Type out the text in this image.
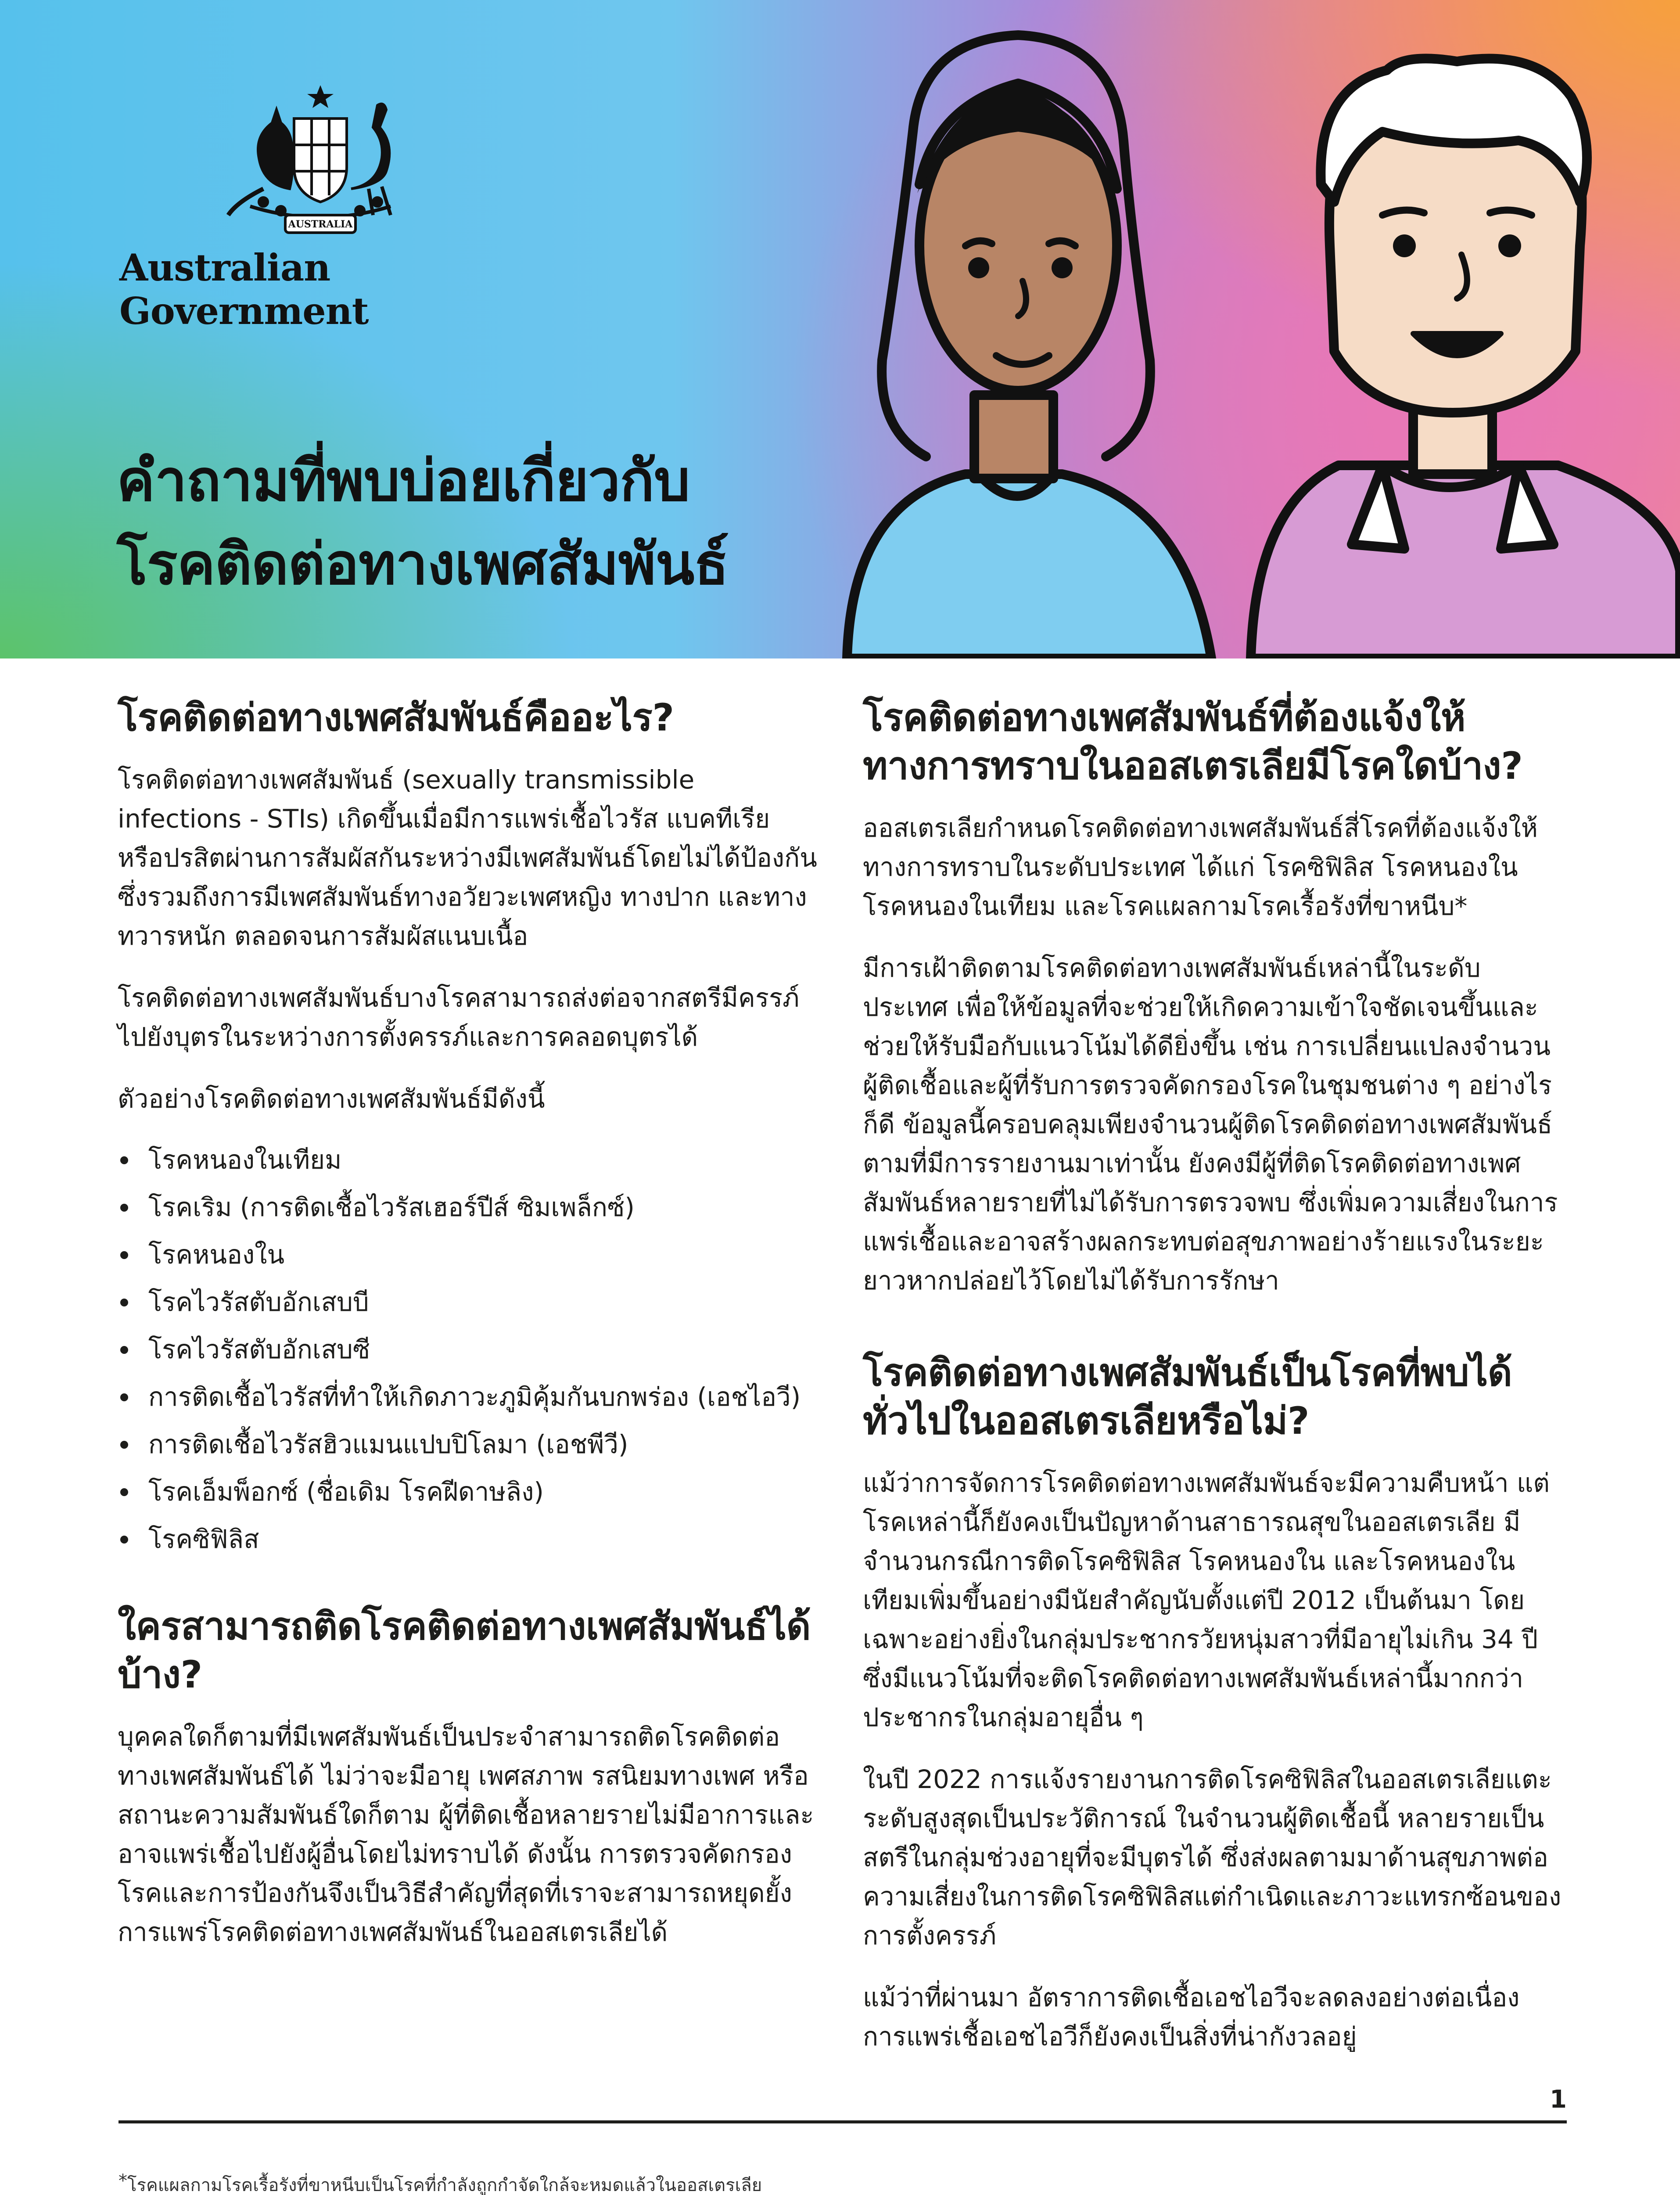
AUSTRALIA
Australian Government
คำถามที่พบบ่อยเกี่ยวกับ
โรคติดต่อทางเพศสัมพันธ์
โรคติดต่อทางเพศสัมพันธ์คืออะไร?

โรคติดต่อทางเพศสัมพันธ์ (sexually transmissible infections - STIs) เกิดขึ้นเมื่อมีการแพร่เชื้อไวรัส แบคทีเรีย หรือปรสิตผ่านการสัมผัสกันระหว่างมีเพศสัมพันธ์โดยไม่ได้ป้องกัน ซึ่งรวมถึงการมีเพศสัมพันธ์ทางอวัยวะเพศหญิง ทางปาก และทางทวารหนัก ตลอดจนการสัมผัสแนบเนื้อ

โรคติดต่อทางเพศสัมพันธ์บางโรคสามารถส่งต่อจากสตรีมีครรภ์ไปยังบุตรในระหว่างการตั้งครรภ์และการคลอดบุตรได้

ตัวอย่างโรคติดต่อทางเพศสัมพันธ์มีดังนี้

โรคหนองในเทียม
โรคเริม (การติดเชื้อไวรัสเฮอร์ปีส์ ซิมเพล็กซ์)
โรคหนองใน
โรคไวรัสตับอักเสบบี
โรคไวรัสตับอักเสบซี
การติดเชื้อไวรัสที่ทำให้เกิดภาวะภูมิคุ้มกันบกพร่อง (เอชไอวี)
การติดเชื้อไวรัสฮิวแมนแปบปิโลมา (เอชพีวี)
โรคเอ็มพ็อกซ์ (ชื่อเดิม โรคฝีดาษลิง)
โรคซิฟิลิส
ใครสามารถติดโรคติดต่อทางเพศสัมพันธ์ได้บ้าง?

บุคคลใดก็ตามที่มีเพศสัมพันธ์เป็นประจำสามารถติดโรคติดต่อทางเพศสัมพันธ์ได้ ไม่ว่าจะมีอายุ เพศสภาพ รสนิยมทางเพศ หรือสถานะความสัมพันธ์ใดก็ตาม ผู้ที่ติดเชื้อหลายรายไม่มีอาการและอาจแพร่เชื้อไปยังผู้อื่นโดยไม่ทราบได้ ดังนั้น การตรวจคัดกรองโรคและการป้องกันจึงเป็นวิธีสำคัญที่สุดที่เราจะสามารถหยุดยั้งการแพร่โรคติดต่อทางเพศสัมพันธ์ในออสเตรเลียได้

โรคติดต่อทางเพศสัมพันธ์ที่ต้องแจ้งให้ทางการทราบในออสเตรเลียมีโรคใดบ้าง?

ออสเตรเลียกำหนดโรคติดต่อทางเพศสัมพันธ์สี่โรคที่ต้องแจ้งให้ทางการทราบในระดับประเทศ ได้แก่ โรคซิฟิลิส โรคหนองใน โรคหนองในเทียม และโรคแผลกามโรคเรื้อรังที่ขาหนีบ*

มีการเฝ้าติดตามโรคติดต่อทางเพศสัมพันธ์เหล่านี้ในระดับประเทศ เพื่อให้ข้อมูลที่จะช่วยให้เกิดความเข้าใจชัดเจนขึ้นและช่วยให้รับมือกับแนวโน้มได้ดียิ่งขึ้น เช่น การเปลี่ยนแปลงจำนวนผู้ติดเชื้อและผู้ที่รับการตรวจคัดกรองโรคในชุมชนต่าง ๆ อย่างไรก็ดี ข้อมูลนี้ครอบคลุมเพียงจำนวนผู้ติดโรคติดต่อทางเพศสัมพันธ์ตามที่มีการรายงานมาเท่านั้น ยังคงมีผู้ที่ติดโรคติดต่อทางเพศสัมพันธ์หลายรายที่ไม่ได้รับการตรวจพบ ซึ่งเพิ่มความเสี่ยงในการแพร่เชื้อและอาจสร้างผลกระทบต่อสุขภาพอย่างร้ายแรงในระยะยาวหากปล่อยไว้โดยไม่ได้รับการรักษา

โรคติดต่อทางเพศสัมพันธ์เป็นโรคที่พบได้ทั่วไปในออสเตรเลียหรือไม่?

แม้ว่าการจัดการโรคติดต่อทางเพศสัมพันธ์จะมีความคืบหน้า แต่โรคเหล่านี้ก็ยังคงเป็นปัญหาด้านสาธารณสุขในออสเตรเลีย มีจำนวนกรณีการติดโรคซิฟิลิส โรคหนองใน และโรคหนองในเทียมเพิ่มขึ้นอย่างมีนัยสำคัญนับตั้งแต่ปี 2012 เป็นต้นมา โดยเฉพาะอย่างยิ่งในกลุ่มประชากรวัยหนุ่มสาวที่มีอายุไม่เกิน 34 ปี ซึ่งมีแนวโน้มที่จะติดโรคติดต่อทางเพศสัมพันธ์เหล่านี้มากกว่าประชากรในกลุ่มอายุอื่น ๆ

ในปี 2022 การแจ้งรายงานการติดโรคซิฟิลิสในออสเตรเลียแตะระดับสูงสุดเป็นประวัติการณ์ ในจำนวนผู้ติดเชื้อนี้ หลายรายเป็นสตรีในกลุ่มช่วงอายุที่จะมีบุตรได้ ซึ่งส่งผลตามมาด้านสุขภาพต่อความเสี่ยงในการติดโรคซิฟิลิสแต่กำเนิดและภาวะแทรกซ้อนของการตั้งครรภ์

แม้ว่าที่ผ่านมา อัตราการติดเชื้อเอชไอวีจะลดลงอย่างต่อเนื่อง การแพร่เชื้อเอชไอวีก็ยังคงเป็นสิ่งที่น่ากังวลอยู่

1
*โรคแผลกามโรคเรื้อรังที่ขาหนีบเป็นโรคที่กำลังถูกกำจัดใกล้จะหมดแล้วในออสเตรเลีย
